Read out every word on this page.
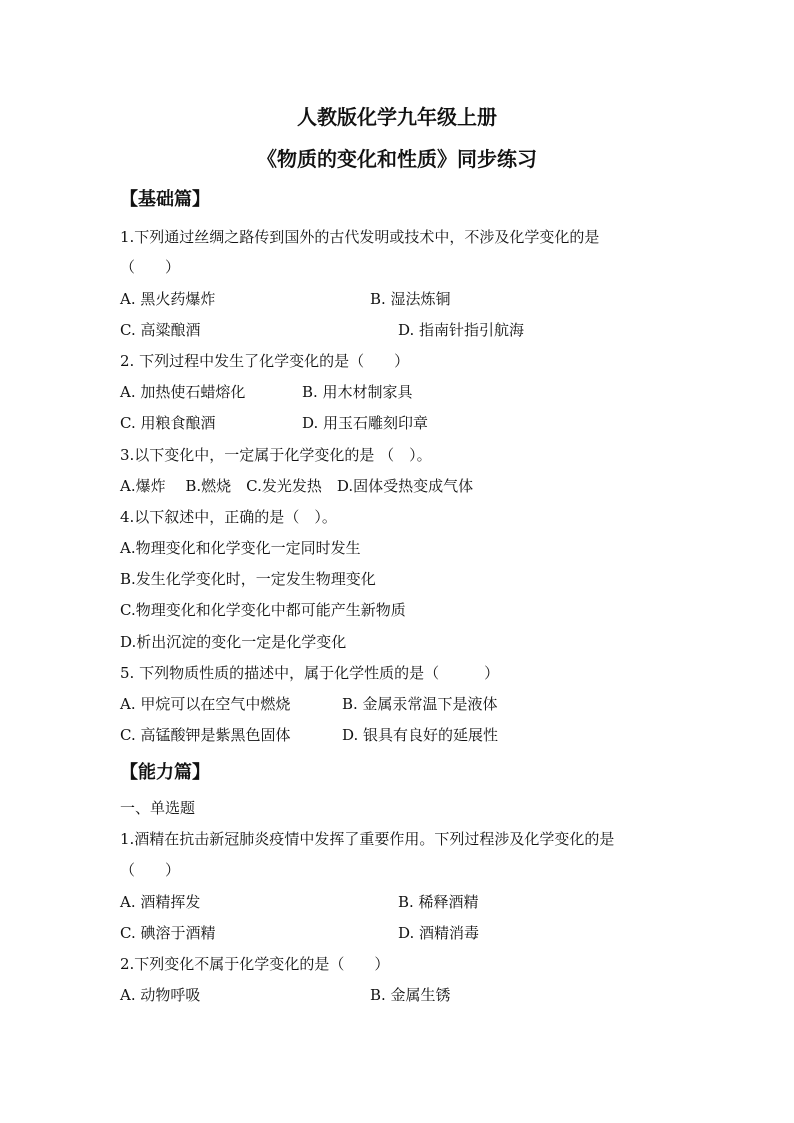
人教版化学九年级上册
《物质的变化和性质》同步练习
【基础篇】
1.下列通过丝绸之路传到国外的古代发明或技术中，不涉及化学变化的是
（　　）
A. 黑火药爆炸	B. 湿法炼铜
C. 高粱酿酒	D. 指南针指引航海
2. 下列过程中发生了化学变化的是（　　）
A. 加热使石蜡熔化	B. 用木材制家具
C. 用粮食酿酒	D. 用玉石雕刻印章
3.以下变化中，一定属于化学变化的是 （　）。
A.爆炸　 B.燃烧　C.发光发热　D.固体受热变成气体
4.以下叙述中，正确的是（　）。
A.物理变化和化学变化一定同时发生
B.发生化学变化时，一定发生物理变化
C.物理变化和化学变化中都可能产生新物质
D.析出沉淀的变化一定是化学变化
5. 下列物质性质的描述中，属于化学性质的是（　　　）
A. 甲烷可以在空气中燃烧	B. 金属汞常温下是液体
C. 高锰酸钾是紫黑色固体	D. 银具有良好的延展性
【能力篇】
一、单选题
1.酒精在抗击新冠肺炎疫情中发挥了重要作用。下列过程涉及化学变化的是
（　　）
A. 酒精挥发	B. 稀释酒精
C. 碘溶于酒精	D. 酒精消毒
2.下列变化不属于化学变化的是（　　）
A. 动物呼吸	B. 金属生锈
